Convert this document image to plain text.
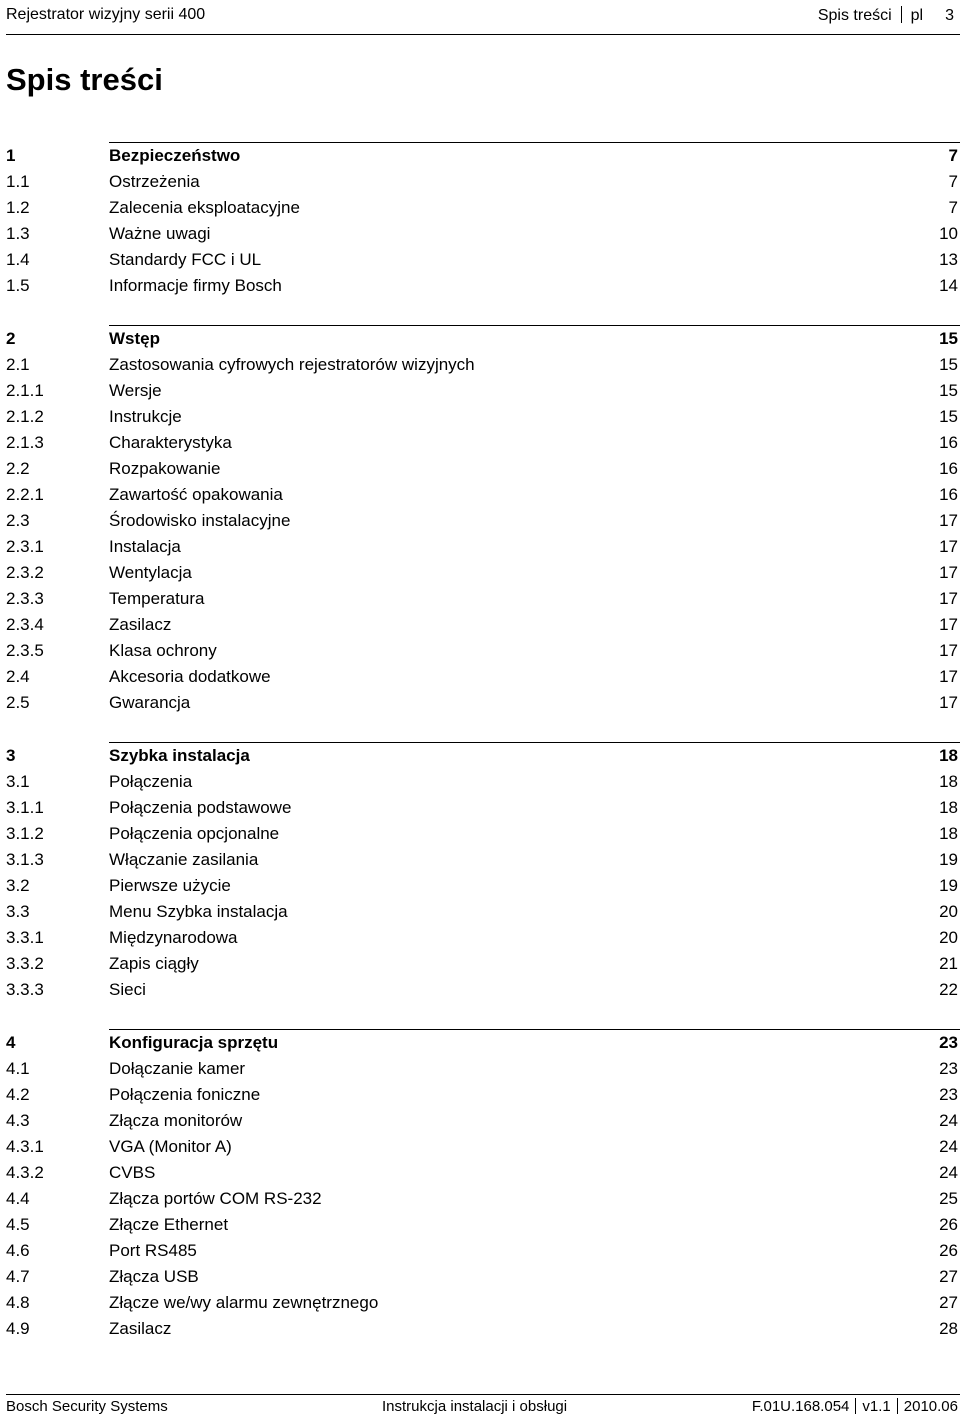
Rejestrator wizyjny serii 400	Spis treści pl 3
Spis treści
1	Bezpieczeństwo	7
1.1	Ostrzeżenia	7
1.2	Zalecenia eksploatacyjne	7
1.3	Ważne uwagi	10
1.4	Standardy FCC i UL	13
1.5	Informacje firmy Bosch	14
2	Wstęp	15
2.1	Zastosowania cyfrowych rejestratorów wizyjnych	15
2.1.1	Wersje	15
2.1.2	Instrukcje	15
2.1.3	Charakterystyka	16
2.2	Rozpakowanie	16
2.2.1	Zawartość opakowania	16
2.3	Środowisko instalacyjne	17
2.3.1	Instalacja	17
2.3.2	Wentylacja	17
2.3.3	Temperatura	17
2.3.4	Zasilacz	17
2.3.5	Klasa ochrony	17
2.4	Akcesoria dodatkowe	17
2.5	Gwarancja	17
3	Szybka instalacja	18
3.1	Połączenia	18
3.1.1	Połączenia podstawowe	18
3.1.2	Połączenia opcjonalne	18
3.1.3	Włączanie zasilania	19
3.2	Pierwsze użycie	19
3.3	Menu Szybka instalacja	20
3.3.1	Międzynarodowa	20
3.3.2	Zapis ciągły	21
3.3.3	Sieci	22
4	Konfiguracja sprzętu	23
4.1	Dołączanie kamer	23
4.2	Połączenia foniczne	23
4.3	Złącza monitorów	24
4.3.1	VGA (Monitor A)	24
4.3.2	CVBS	24
4.4	Złącza portów COM RS-232	25
4.5	Złącze Ethernet	26
4.6	Port RS485	26
4.7	Złącza USB	27
4.8	Złącze we/wy alarmu zewnętrznego	27
4.9	Zasilacz	28
Bosch Security Systems	Instrukcja instalacji i obsługi	F.01U.168.054 v1.1 2010.06
